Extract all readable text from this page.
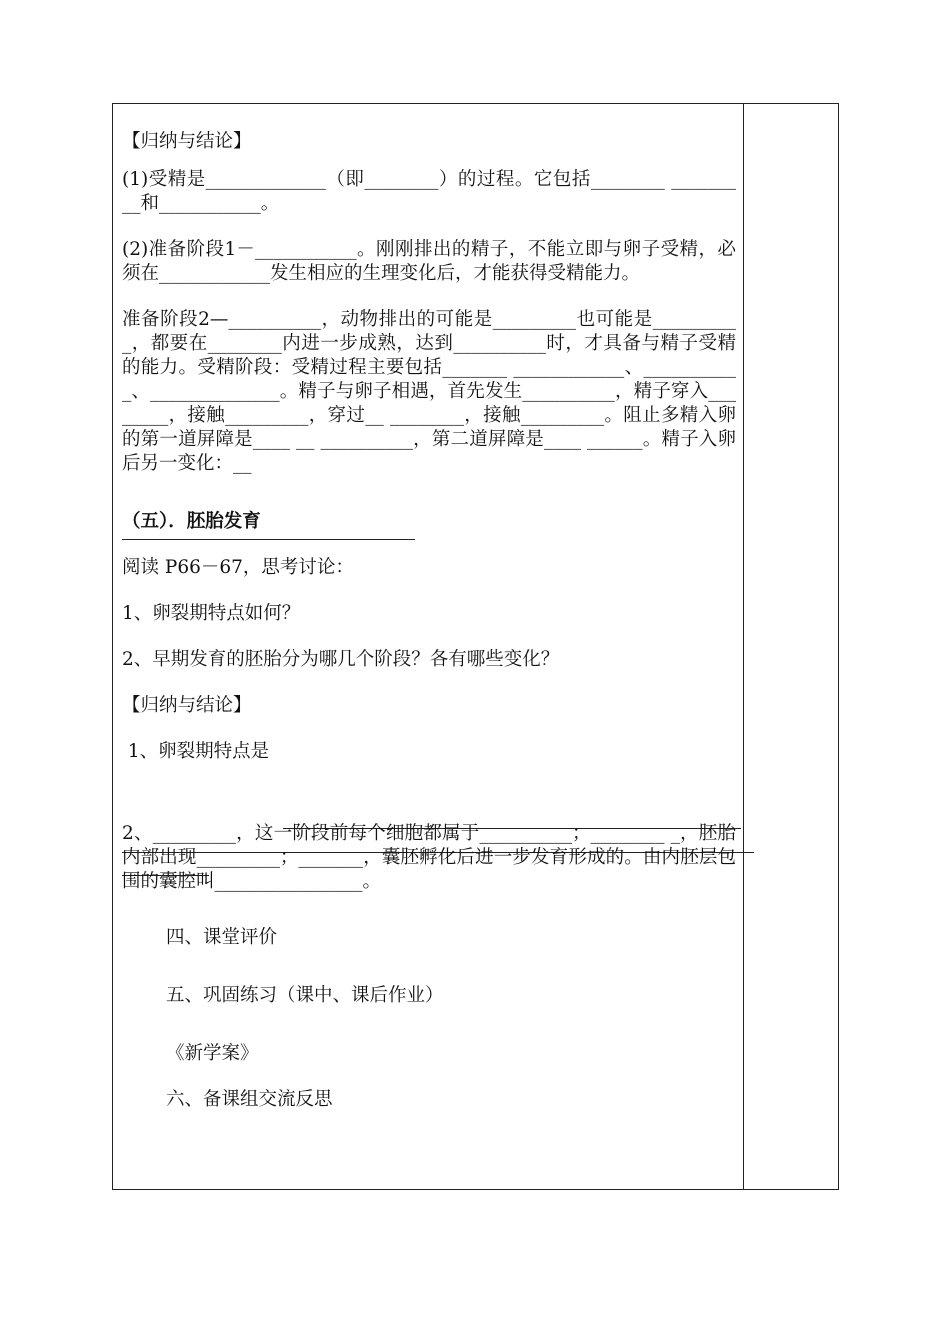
【归纳与结论】

(1)受精是_____________（即________）的过程。它包括________ _________和___________。

(2)准备阶段1－___________。刚刚排出的精子，不能立即与卵子受精，必须在____________发生相应的生理变化后，才能获得受精能力。

准备阶段2—__________，动物排出的可能是_________也可能是__________，都要在________内进一步成熟，达到__________时，才具备与精子受精的能力。受精阶段：受精过程主要包括_______ ____________、___________、______________。精子与卵子相遇，首先发生__________，精子穿入________，接触_________，穿过__ ________，接触_________。阻止多精入卵的第一道屏障是____ __ __________，第二道屏障是____ ______。精子入卵后另一变化：__

（五）．胚胎发育

阅读 P66－67，思考讨论：

1、卵裂期特点如何？

2、早期发育的胚胎分为哪几个阶段？各有哪些变化？

【归纳与结论】

1、卵裂期特点是

2、_________，这一阶段前每个细胞都属于__________；________ _，胚胎内部出现_________；_______，囊胚孵化后进一步发育形成的。由内胚层包围的囊腔叫________________。

四、课堂评价

五、巩固练习（课中、课后作业）

《新学案》

六、备课组交流反思
